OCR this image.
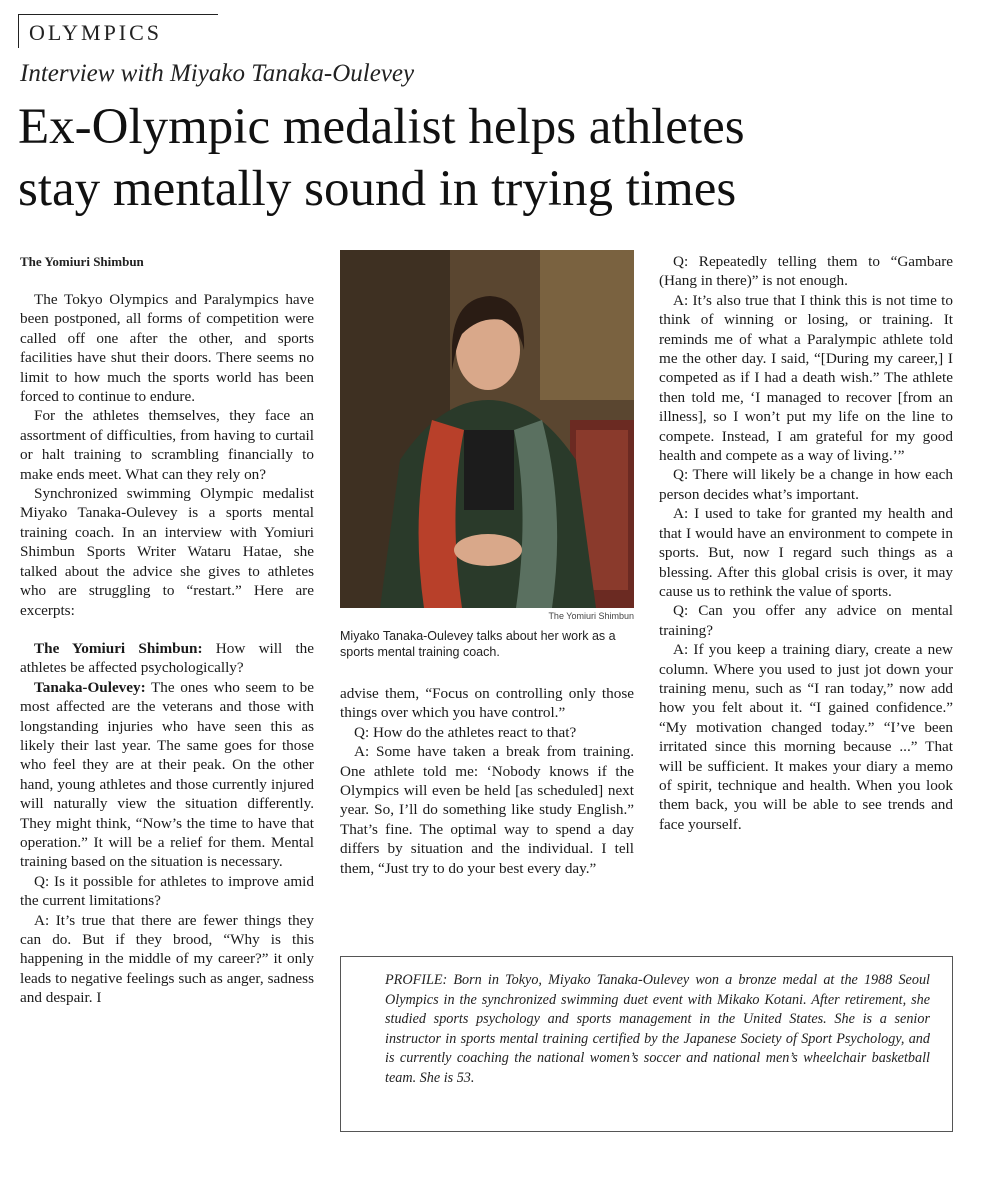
OLYMPICS
Interview with Miyako Tanaka-Oulevey
Ex-Olympic medalist helps athletes
stay mentally sound in trying times
The Yomiuri Shimbun

The Tokyo Olympics and Paralympics have been postponed, all forms of competition were called off one after the other, and sports facilities have shut their doors. There seems no limit to how much the sports world has been forced to continue to endure.

For the athletes themselves, they face an assortment of difficulties, from having to curtail or halt training to scrambling financially to make ends meet. What can they rely on?

Synchronized swimming Olympic medalist Miyako Tanaka-Oulevey is a sports mental training coach. In an interview with Yomiuri Shimbun Sports Writer Wataru Hatae, she talked about the advice she gives to athletes who are struggling to “restart.” Here are excerpts:

The Yomiuri Shimbun: How will the athletes be affected psychologically?

Tanaka-Oulevey: The ones who seem to be most affected are the veterans and those with longstanding injuries who have seen this as likely their last year. The same goes for those who feel they are at their peak. On the other hand, young athletes and those currently injured will naturally view the situation differently. They might think, “Now’s the time to have that operation.” It will be a relief for them. Mental training based on the situation is necessary.

Q: Is it possible for athletes to improve amid the current limitations?

A: It’s true that there are fewer things they can do. But if they brood, “Why is this happening in the middle of my career?” it only leads to negative feelings such as anger, sadness and despair. I

The Yomiuri Shimbun
Miyako Tanaka-Oulevey talks about her work as a sports mental training coach.

advise them, “Focus on controlling only those things over which you have control.”

Q: How do the athletes react to that?

A: Some have taken a break from training. One athlete told me: ‘Nobody knows if the Olympics will even be held [as scheduled] next year. So, I’ll do something like study English.” That’s fine. The optimal way to spend a day differs by situation and the individual. I tell them, “Just try to do your best every day.”

Q: Repeatedly telling them to “Gambare (Hang in there)” is not enough.

A: It’s also true that I think this is not time to think of winning or losing, or training. It reminds me of what a Paralympic athlete told me the other day. I said, “[During my career,] I competed as if I had a death wish.” The athlete then told me, ‘I managed to recover [from an illness], so I won’t put my life on the line to compete. Instead, I am grateful for my good health and compete as a way of living.’”

Q: There will likely be a change in how each person decides what’s important.

A: I used to take for granted my health and that I would have an environment to compete in sports. But, now I regard such things as a blessing. After this global crisis is over, it may cause us to rethink the value of sports.

Q: Can you offer any advice on mental training?

A: If you keep a training diary, create a new column. Where you used to just jot down your training menu, such as “I ran today,” now add how you felt about it. “I gained confidence.” “My motivation changed today.” “I’ve been irritated since this morning because ...” That will be sufficient. It makes your diary a memo of spirit, technique and health. When you look them back, you will be able to see trends and face yourself.

PROFILE: Born in Tokyo, Miyako Tanaka-Oulevey won a bronze medal at the 1988 Seoul Olympics in the synchronized swimming duet event with Mikako Kotani. After retirement, she studied sports psychology and sports management in the United States. She is a senior instructor in sports mental training certified by the Japanese Society of Sport Psychology, and is currently coaching the national women’s soccer and national men’s wheelchair basketball team. She is 53.
